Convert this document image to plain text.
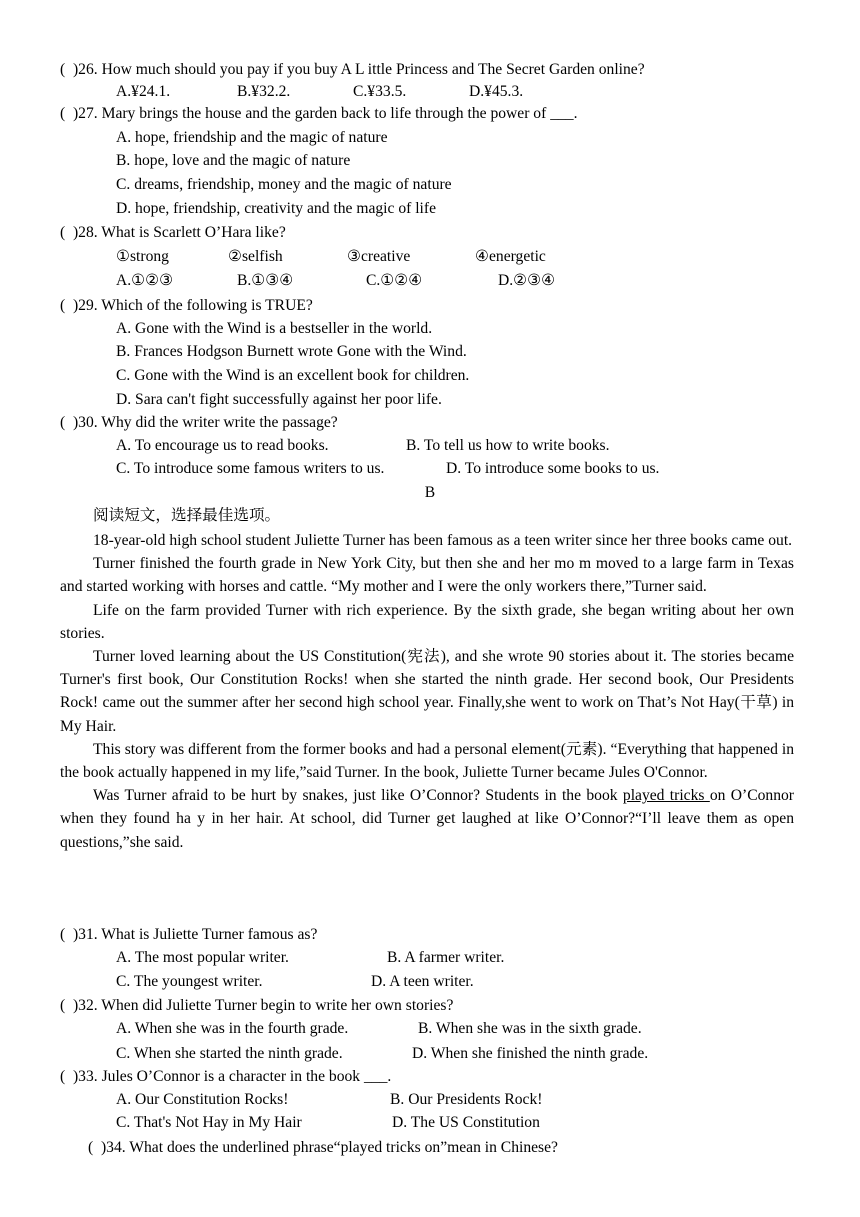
(  )26. How much should you pay if you buy A L ittle Princess and The Secret Garden online?
A.¥24.1.	B.¥32.2.	C.¥33.5.	D.¥45.3.
(  )27. Mary brings the house and the garden back to life through the power of ___.
A. hope, friendship and the magic of nature
B. hope, love and the magic of nature
C. dreams, friendship, money and the magic of nature
D. hope, friendship, creativity and the magic of life
(  )28. What is Scarlett O’Hara like?
①strong	②selfish	③creative	④energetic
A.①②③	B.①③④	C.①②④	D.②③④
(  )29. Which of the following is TRUE?
A. Gone with the Wind is a bestseller in the world.
B. Frances Hodgson Burnett wrote Gone with the Wind.
C. Gone with the Wind is an excellent book for children.
D. Sara can't fight successfully against her poor life.
(  )30. Why did the writer write the passage?
A. To encourage us to read books.	B. To tell us how to write books.
C. To introduce some famous writers to us.	D. To introduce some books to us.
B
阅读短文，选择最佳选项。

18-year-old high school student Juliette Turner has been famous as a teen writer since her three books came out.

Turner finished the fourth grade in New York City, but then she and her mo m moved to a large farm in Texas and started working with horses and cattle. “My mother and I were the only workers there,”Turner said.

Life on the farm provided Turner with rich experience. By the sixth grade, she began writing about her own stories.

Turner loved learning about the US Constitution(宪法), and she wrote 90 stories about it. The stories became Turner's first book, Our Constitution Rocks! when she started the ninth grade. Her second book, Our Presidents Rock! came out the summer after her second high school year. Finally,she went to work on That’s Not Hay(干草) in My Hair.

This story was different from the former books and had a personal element(元素). “Everything that happened in the book actually happened in my life,”said Turner. In the book, Juliette Turner became Jules O'Connor.

Was Turner afraid to be hurt by snakes, just like O’Connor? Students in the book played tricks on O’Connor when they found ha y in her hair. At school, did Turner get laughed at like O’Connor?“I’ll leave them as open questions,”she said.

(  )31. What is Juliette Turner famous as?
A. The most popular writer.	B. A farmer writer.
C. The youngest writer.	D. A teen writer.
(  )32. When did Juliette Turner begin to write her own stories?
A. When she was in the fourth grade.	B. When she was in the sixth grade.
C. When she started the ninth grade.	D. When she finished the ninth grade.
(  )33. Jules O’Connor is a character in the book ___.
A. Our Constitution Rocks!	B. Our Presidents Rock!
C. That's Not Hay in My Hair	D. The US Constitution
(  )34. What does the underlined phrase“played tricks on”mean in Chinese?
